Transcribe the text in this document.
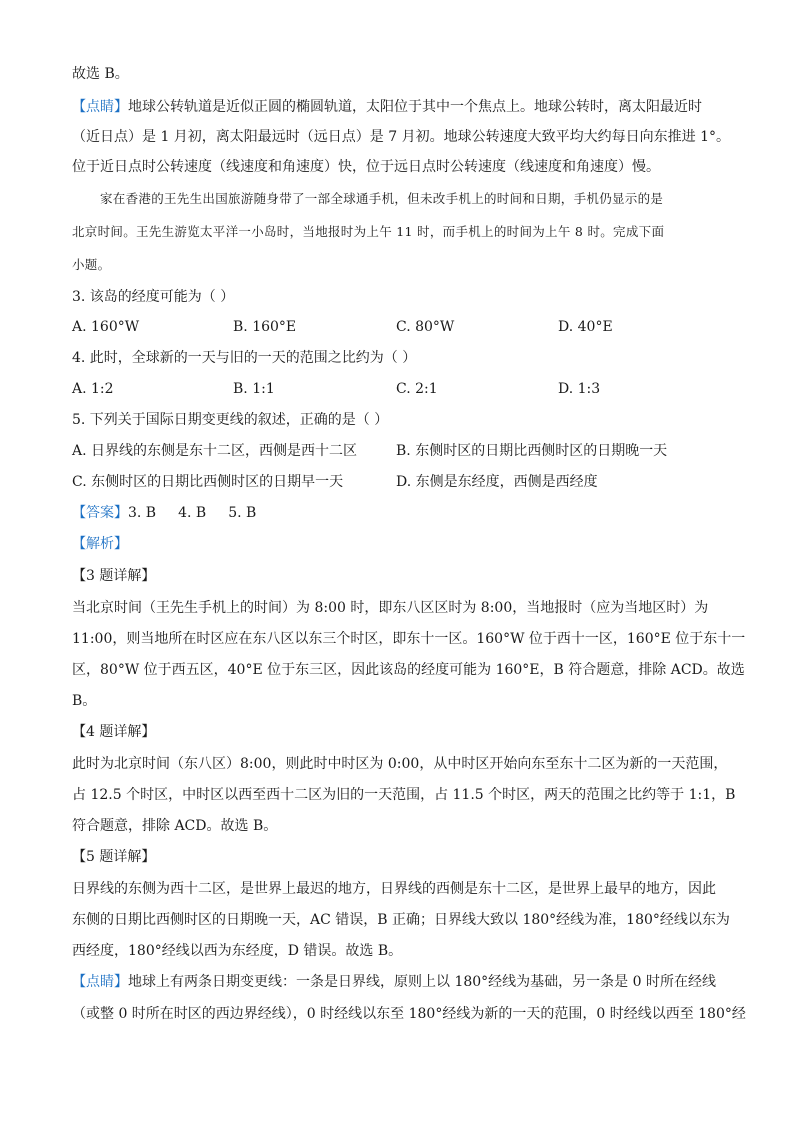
故选 B。
【点睛】地球公转轨道是近似正圆的椭圆轨道，太阳位于其中一个焦点上。地球公转时，离太阳最近时
（近日点）是 1 月初，离太阳最远时（远日点）是 7 月初。地球公转速度大致平均大约每日向东推进 1°。
位于近日点时公转速度（线速度和角速度）快，位于远日点时公转速度（线速度和角速度）慢。
家在香港的王先生出国旅游随身带了一部全球通手机，但未改手机上的时间和日期，手机仍显示的是
北京时间。王先生游览太平洋一小岛时，当地报时为上午 11 时，而手机上的时间为上午 8 时。完成下面
小题。
3. 该岛的经度可能为（ ）
A. 160°W	B. 160°E	C. 80°W	D. 40°E
4. 此时，全球新的一天与旧的一天的范围之比约为（ ）
A. 1:2	B. 1:1	C. 2:1	D. 1:3
5. 下列关于国际日期变更线的叙述，正确的是（ ）
A. 日界线的东侧是东十二区，西侧是西十二区	B. 东侧时区的日期比西侧时区的日期晚一天
C. 东侧时区的日期比西侧时区的日期早一天	D. 东侧是东经度，西侧是西经度
【答案】3. B 4. B 5. B
【解析】
【3 题详解】
当北京时间（王先生手机上的时间）为 8:00 时，即东八区区时为 8:00，当地报时（应为当地区时）为
11:00，则当地所在时区应在东八区以东三个时区，即东十一区。160°W 位于西十一区，160°E 位于东十一
区，80°W 位于西五区，40°E 位于东三区，因此该岛的经度可能为 160°E，B 符合题意，排除 ACD。故选
B。
【4 题详解】
此时为北京时间（东八区）8:00，则此时中时区为 0:00，从中时区开始向东至东十二区为新的一天范围，
占 12.5 个时区，中时区以西至西十二区为旧的一天范围，占 11.5 个时区，两天的范围之比约等于 1:1，B
符合题意，排除 ACD。故选 B。
【5 题详解】
日界线的东侧为西十二区，是世界上最迟的地方，日界线的西侧是东十二区，是世界上最早的地方，因此
东侧的日期比西侧时区的日期晚一天，AC 错误，B 正确；日界线大致以 180°经线为准，180°经线以东为
西经度，180°经线以西为东经度，D 错误。故选 B。
【点睛】地球上有两条日期变更线：一条是日界线，原则上以 180°经线为基础，另一条是 0 时所在经线
（或整 0 时所在时区的西边界经线），0 时经线以东至 180°经线为新的一天的范围，0 时经线以西至 180°经
